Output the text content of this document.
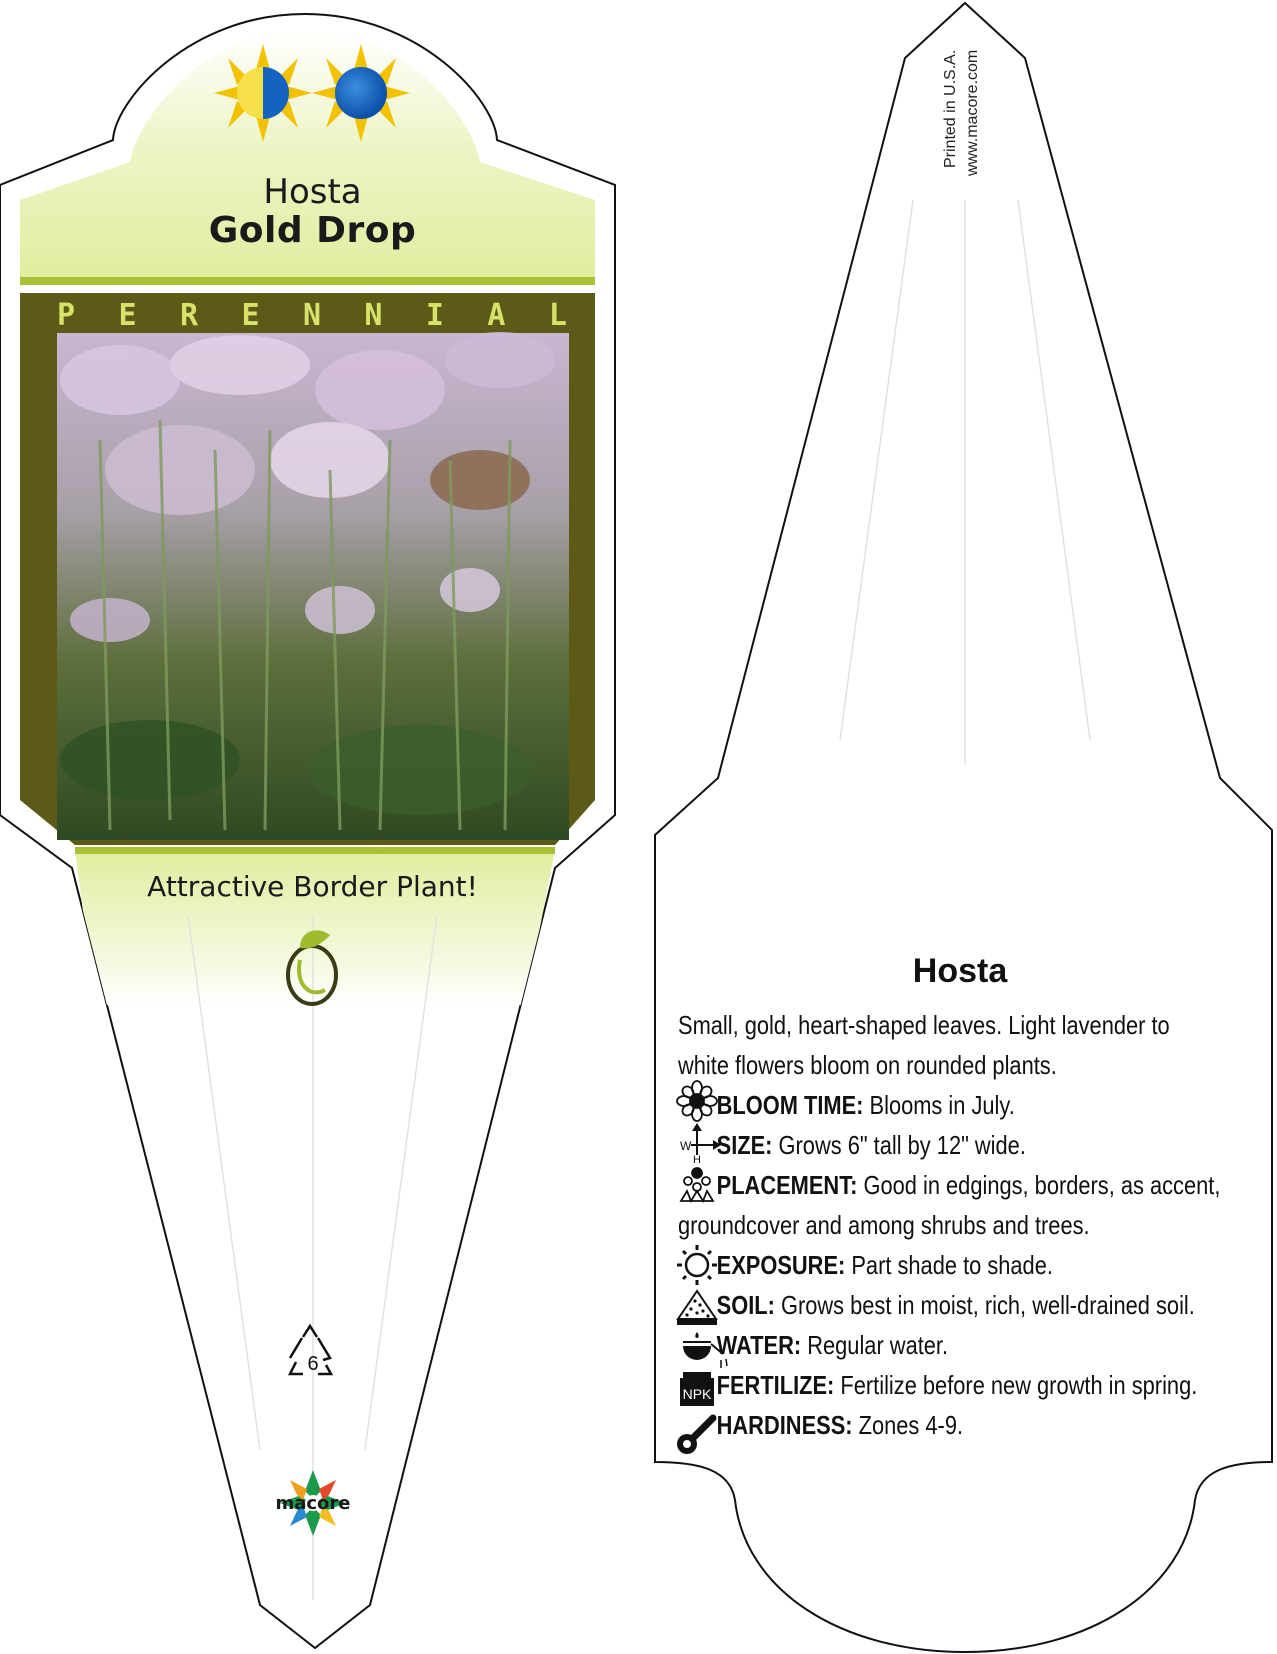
6
macore
W
H
NPK
Hosta
Gold Drop
P E R E N N I A L
Attractive Border Plant!
Printed in U.S.A. www.macore.com
Hosta
Small, gold, heart-shaped leaves. Light lavender to
white flowers bloom on rounded plants.
BLOOM TIME: Blooms in July.
SIZE: Grows 6" tall by 12" wide.
PLACEMENT: Good in edgings, borders, as accent,
groundcover and among shrubs and trees.
EXPOSURE: Part shade to shade.
SOIL: Grows best in moist, rich, well-drained soil.
WATER: Regular water.
FERTILIZE: Fertilize before new growth in spring.
HARDINESS: Zones 4-9.
